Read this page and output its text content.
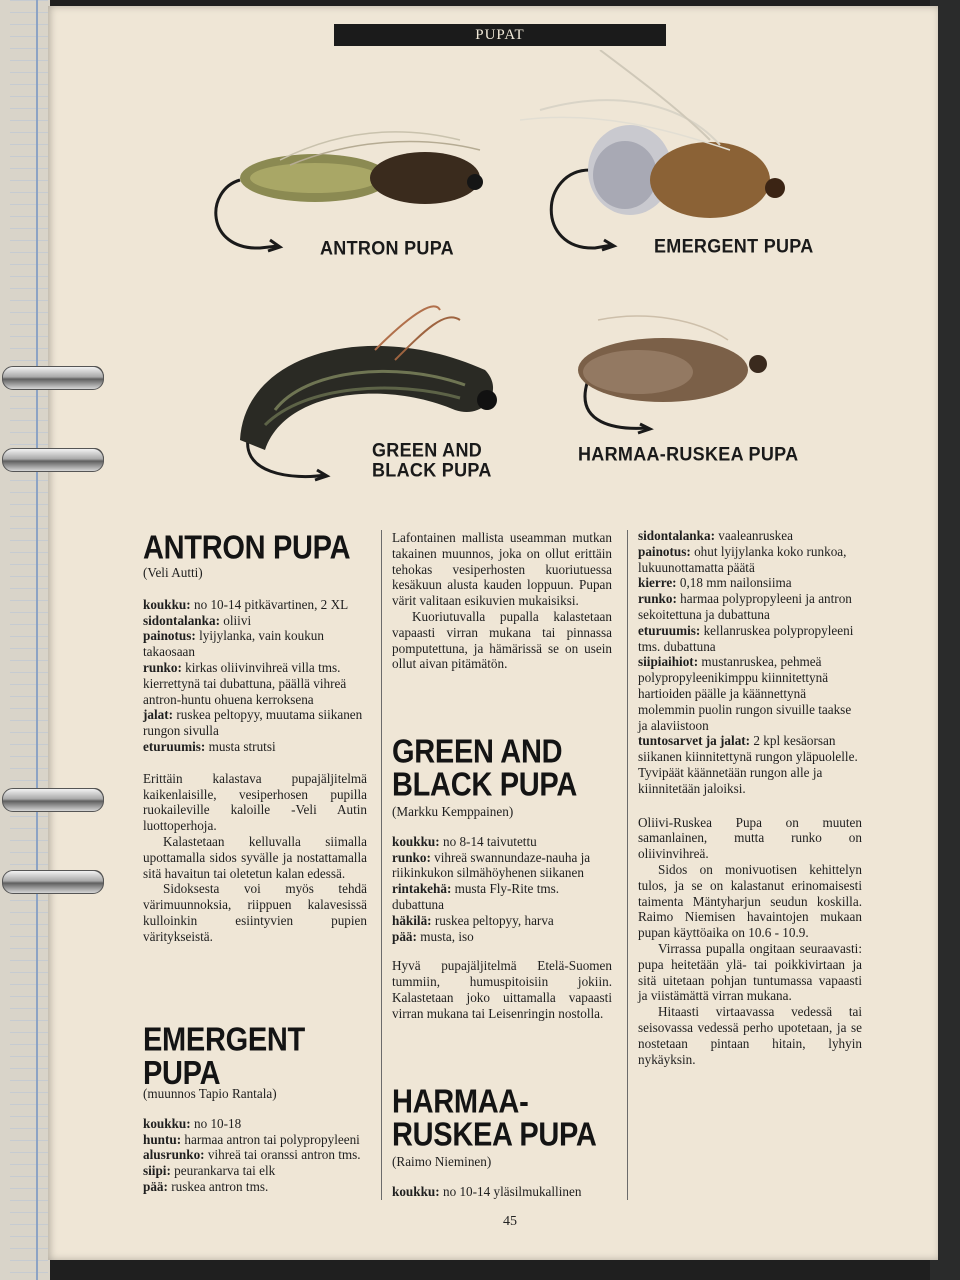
PUPAT
ANTRON PUPA	EMERGENT PUPA
GREEN AND
BLACK PUPA
HARMAA-RUSKEA PUPA
ANTRON PUPA

(Veli Autti)

koukku: no 10-14 pitkävartinen, 2 XL

sidontalanka: oliivi

painotus: lyijylanka, vain koukun takaosaan

runko: kirkas oliivinvihreä villa tms. kierrettynä tai dubattuna, päällä vihreä antron-huntu ohuena kerroksena

jalat: ruskea peltopyy, muutama siikanen rungon sivulla

eturuumis: musta strutsi

Erittäin kalastava pupajäljitelmä kaikenlaisille, vesiperhosen pupilla ruokaileville kaloille -Veli Autin luottoperhoja.

Kalastetaan kelluvalla siimalla upottamalla sidos syvälle ja nostattamalla sitä havaitun tai oletetun kalan edessä.

Sidoksesta voi myös tehdä värimuunnoksia, riippuen kalavesissä kulloinkin esiintyvien pupien väritykseistä.

EMERGENT PUPA

(muunnos Tapio Rantala)

koukku: no 10-18

huntu: harmaa antron tai polypropyleeni

alusrunko: vihreä tai oranssi antron tms.

siipi: peurankarva tai elk

pää: ruskea antron tms.

Lafontainen mallista useamman mutkan takainen muunnos, joka on ollut erittäin tehokas vesiperhosten kuoriutuessa kesäkuun alusta kauden loppuun. Pupan värit valitaan esikuvien mukaisiksi.

Kuoriutuvalla pupalla kalastetaan vapaasti virran mukana tai pinnassa pomputettuna, ja hämärissä se on usein ollut aivan pitämätön.

GREEN AND
BLACK PUPA

(Markku Kemppainen)

koukku: no 8-14 taivutettu

runko: vihreä swannundaze-nauha ja riikinkukon silmähöyhenen siikanen

rintakehä: musta Fly-Rite tms. dubattuna

häkilä: ruskea peltopyy, harva

pää: musta, iso

Hyvä pupajäljitelmä Etelä-Suomen tummiin, humuspitoisiin jokiin. Kalastetaan joko uittamalla vapaasti virran mukana tai Leisenringin nostolla.

HARMAA-
RUSKEA PUPA

(Raimo Nieminen)

koukku: no 10-14 yläsilmukallinen

sidontalanka: vaaleanruskea

painotus: ohut lyijylanka koko runkoa, lukuunottamatta päätä

kierre: 0,18 mm nailonsiima

runko: harmaa polypropyleeni ja antron sekoitettuna ja dubattuna

eturuumis: kellanruskea polypropyleeni tms. dubattuna

siipiaihiot: mustanruskea, pehmeä polypropyleenikimppu kiinnitettynä hartioiden päälle ja käännettynä molemmin puolin rungon sivuille taakse ja alaviistoon

tuntosarvet ja jalat: 2 kpl kesäorsan siikanen kiinnitettynä rungon yläpuolelle. Tyvipäät käännetään rungon alle ja kiinnitetään jaloiksi.

Oliivi-Ruskea Pupa on muuten samanlainen, mutta runko on oliivinvihreä.

Sidos on monivuotisen kehittelyn tulos, ja se on kalastanut erinomaisesti taimenta Mäntyharjun seudun koskilla. Raimo Niemisen havaintojen mukaan pupan käyttöaika on 10.6 - 10.9.

Virrassa pupalla ongitaan seuraavasti: pupa heitetään ylä- tai poikkivirtaan ja sitä uitetaan pohjan tuntumassa vapaasti ja viistämättä virran mukana.

Hitaasti virtaavassa vedessä tai seisovassa vedessä perho upotetaan, ja se nostetaan pintaan hitain, lyhyin nykäyksin.

45
